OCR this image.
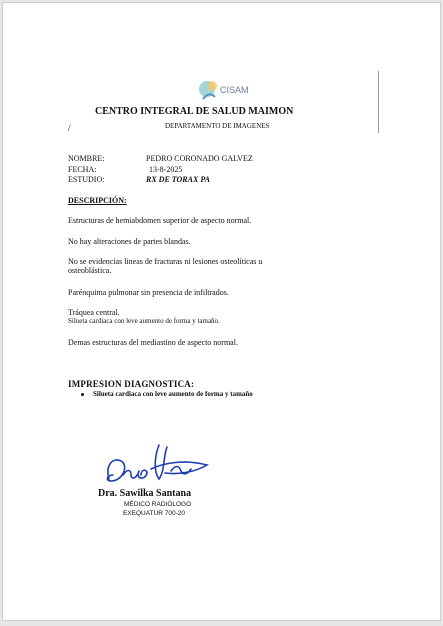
CISAM
CENTRO INTEGRAL DE SALUD MAIMON
DEPARTAMENTO DE IMAGENES
/
NOMBRE:	PEDRO CORONADO GALVEZ
FECHA:	13-8-2025
ESTUDIO:	RX DE TORAX PA
DESCRIPCIÓN:
Estructuras de hemiabdomen superior de aspecto normal.
No hay alteraciones de partes blandas.
No se evidencias lineas de fracturas ni lesiones osteolíticas u
osteoblástica.
Parénquima pulmonar sin presencia de infiltrados.
Tráquea central.
Silueta cardiaca con leve aumento de forma y tamaño.
Demas estructuras del mediastino de aspecto normal.
IMPRESION DIAGNOSTICA:
Silueta cardiaca con leve aumento de forma y tamaño
Dra. Sawilka Santana
MÉDICO RADIÓLOGO
EXEQUATUR 700-20
